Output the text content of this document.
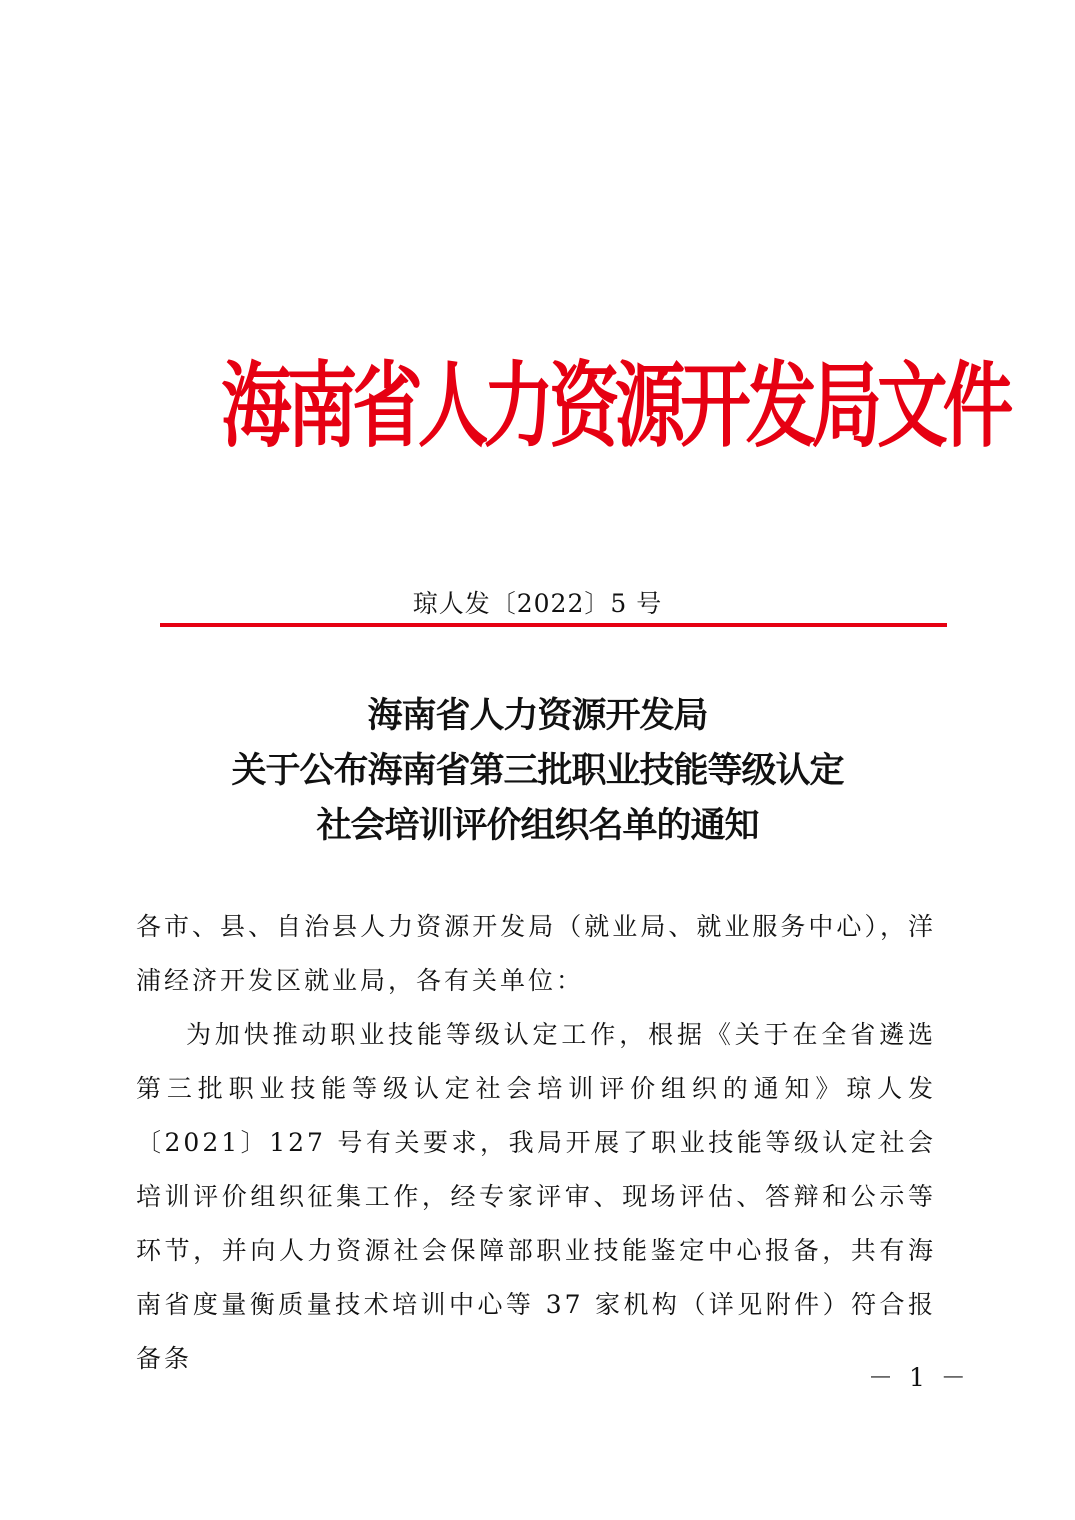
海南省人力资源开发局文件
琼人发〔2022〕5 号
海南省人力资源开发局
关于公布海南省第三批职业技能等级认定
社会培训评价组织名单的通知

各市、县、自治县人力资源开发局（就业局、就业服务中心），洋浦经济开发区就业局，各有关单位：

为加快推动职业技能等级认定工作，根据《关于在全省遴选第三批职业技能等级认定社会培训评价组织的通知》琼人发〔2021〕127 号有关要求，我局开展了职业技能等级认定社会培训评价组织征集工作，经专家评审、现场评估、答辩和公示等环节，并向人力资源社会保障部职业技能鉴定中心报备，共有海南省度量衡质量技术培训中心等 37 家机构（详见附件）符合报备条

－ 1 －
